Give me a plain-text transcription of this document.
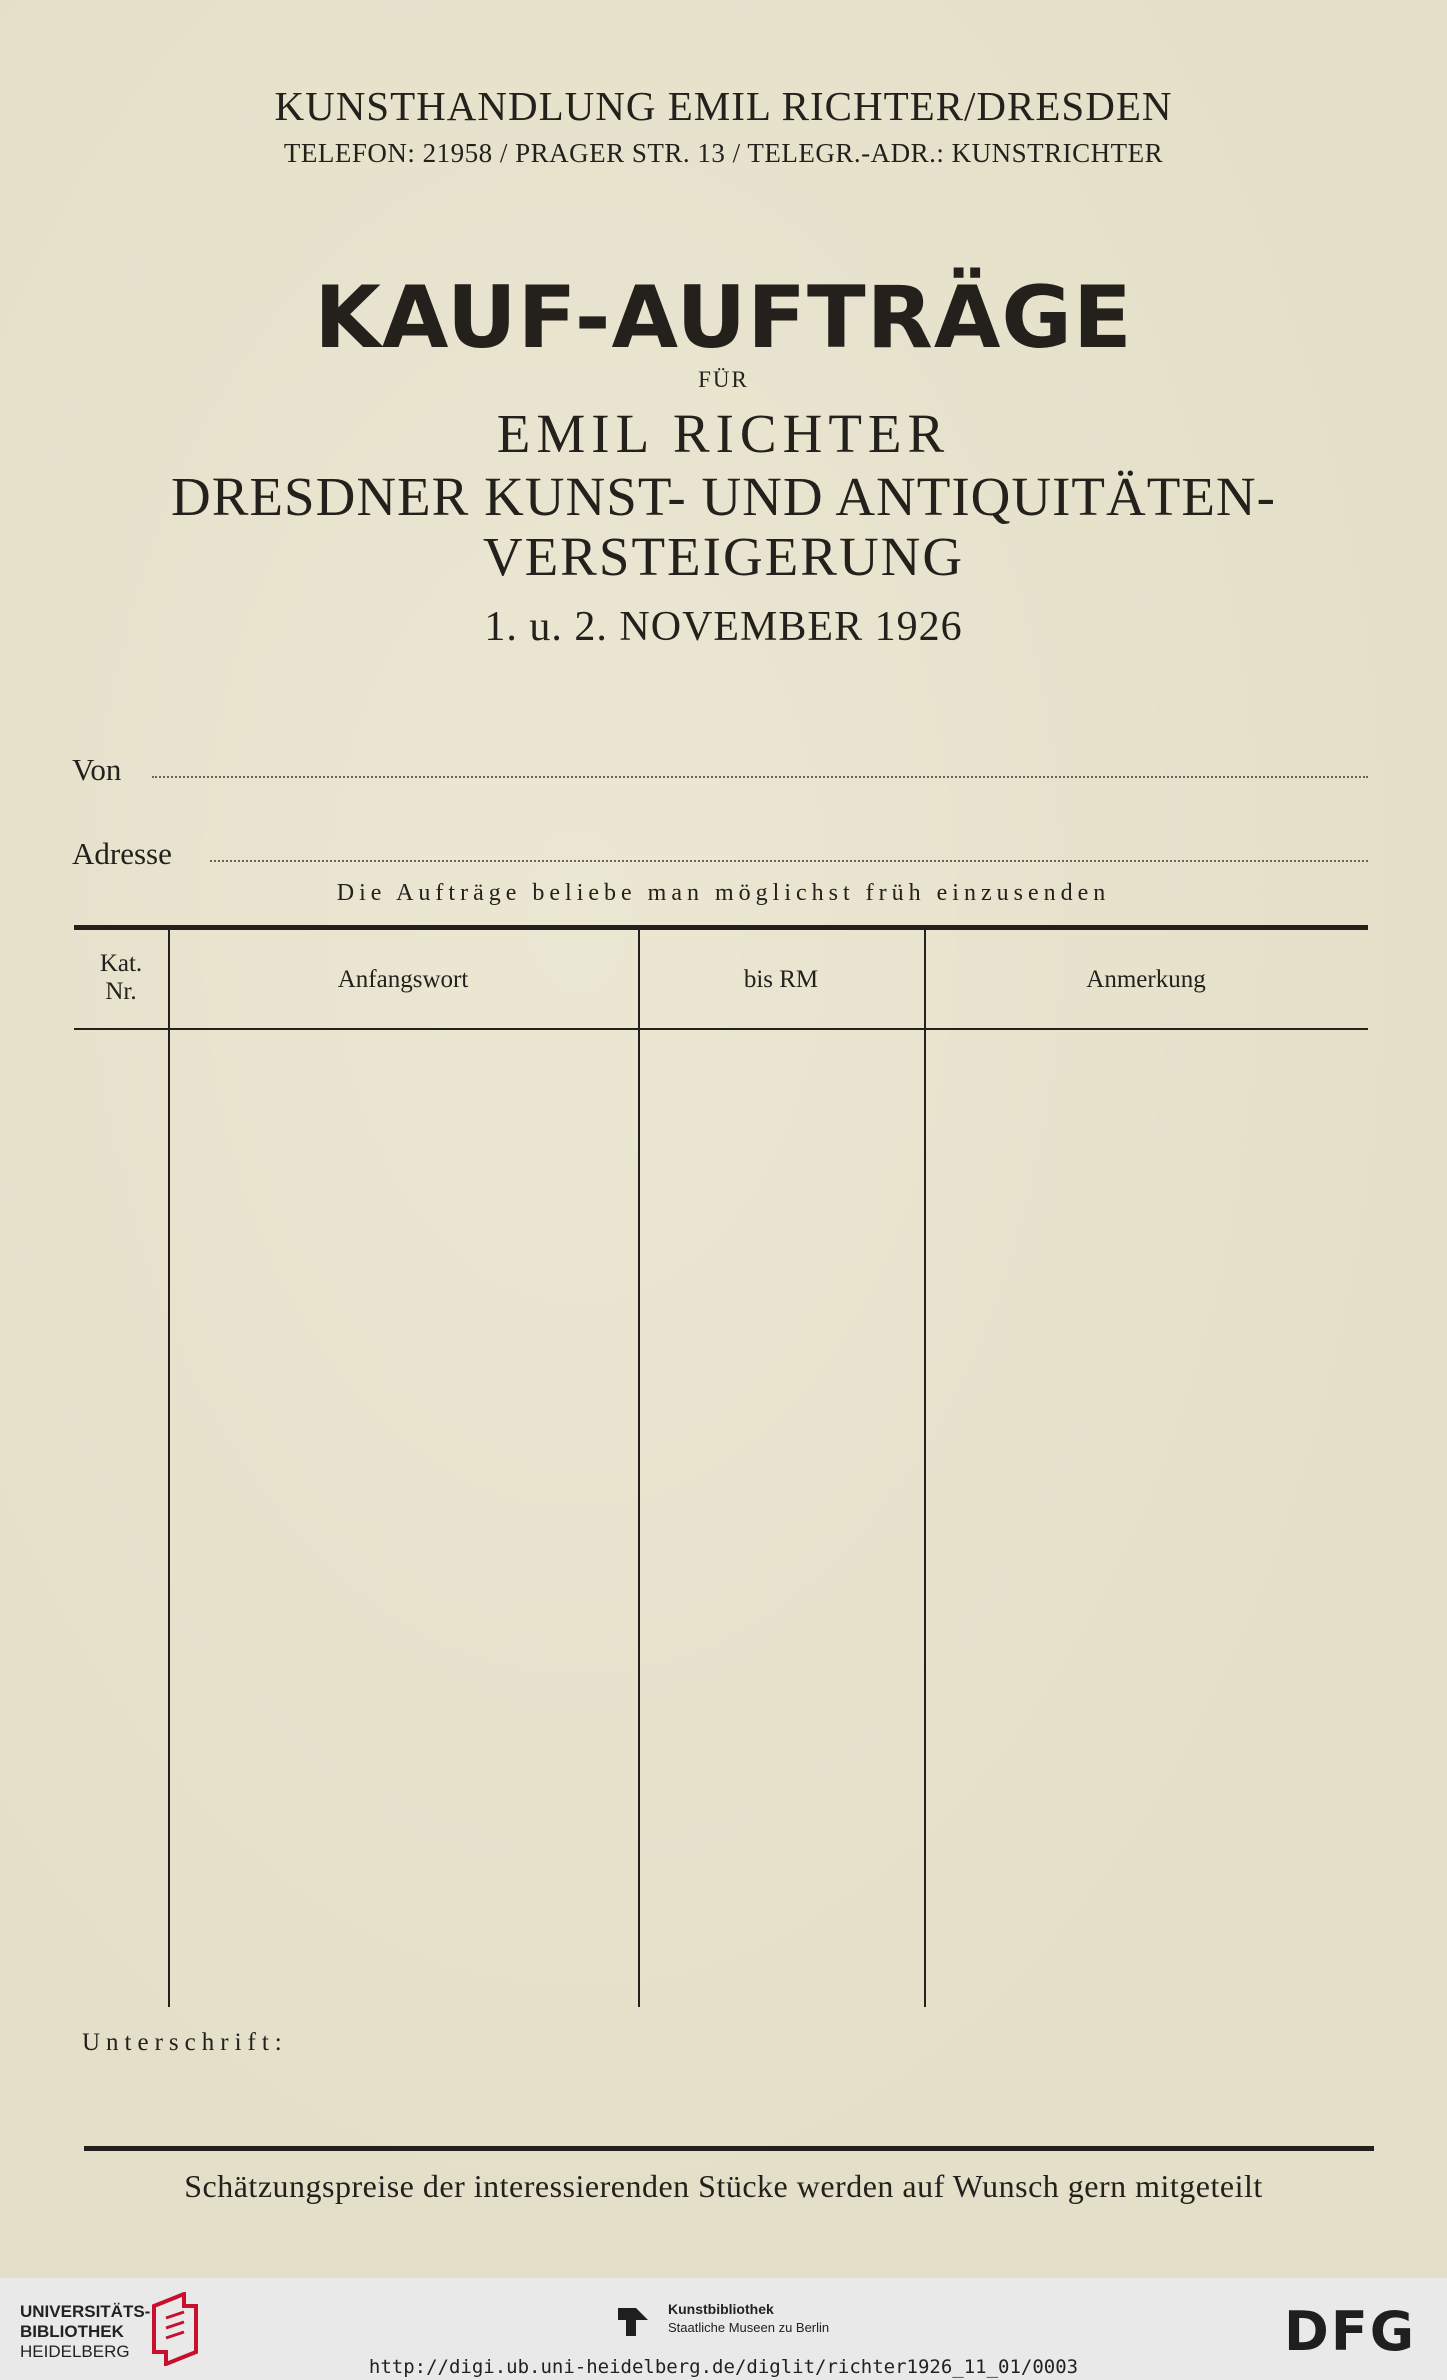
KUNSTHANDLUNG EMIL RICHTER/DRESDEN
TELEFON: 21958 / PRAGER STR. 13 / TELEGR.-ADR.: KUNSTRICHTER
KAUF-AUFTRÄGE
FÜR
EMIL RICHTER
DRESDNER KUNST- UND ANTIQUITÄTEN-
VERSTEIGERUNG
1. u. 2. NOVEMBER 1926
Von
Adresse
Die Aufträge beliebe man möglichst früh einzusenden
Kat.
Nr.	Anfangswort	bis RM	Anmerkung
Unterschrift:
Schätzungspreise der interessierenden Stücke werden auf Wunsch gern mitgeteilt
UNIVERSITÄTS-
BIBLIOTHEK
HEIDELBERG
Kunstbibliothek
Staatliche Museen zu Berlin	DFG
http://digi.ub.uni-heidelberg.de/diglit/richter1926_11_01/0003
